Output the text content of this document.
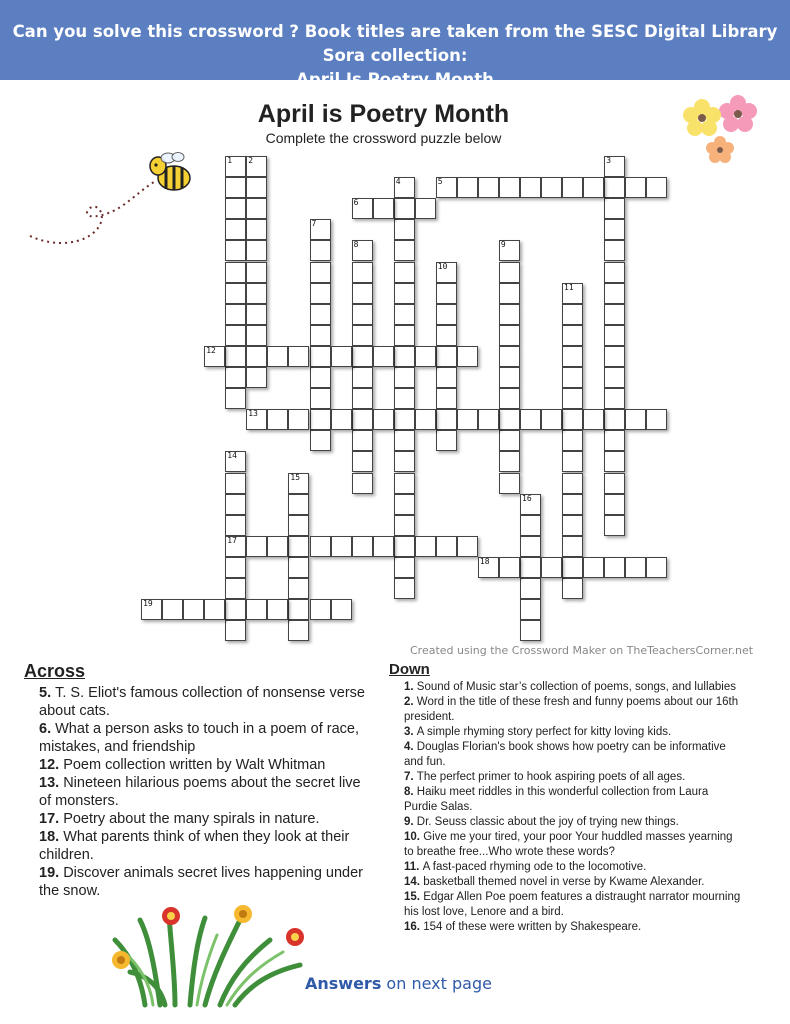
Can you solve this crossword ? Book titles are taken from the SESC Digital Library Sora collection:
April Is Poetry Month
April is Poetry Month
Complete the crossword puzzle below
1 2	3
4	5
6
7
8	9
10
11
12
13
14
17
15
16
18
19
Created using the Crossword Maker on TheTeachersCorner.net
Across
5. T. S. Eliot's famous collection of nonsense verse about cats.
6. What a person asks to touch in a poem of race, mistakes, and friendship
12. Poem collection written by Walt Whitman
13. Nineteen hilarious poems about the secret live of monsters.
17. Poetry about the many spirals in nature.
18. What parents think of when they look at their children.
19. Discover animals secret lives happening under the snow.
Down
1. Sound of Music star’s collection of poems, songs, and lullabies
2. Word in the title of these fresh and funny poems about our 16th president.
3. A simple rhyming story perfect for kitty loving kids.
4. Douglas Florian's book shows how poetry can be informative and fun.
7. The perfect primer to hook aspiring poets of all ages.
8. Haiku meet riddles in this wonderful collection from Laura Purdie Salas.
9. Dr. Seuss classic about the joy of trying new things.
10. Give me your tired, your poor Your huddled masses yearning to breathe free...Who wrote these words?
11. A fast-paced rhyming ode to the locomotive.
14. basketball themed novel in verse by Kwame Alexander.
15. Edgar Allen Poe poem features a distraught narrator mourning his lost love, Lenore and a bird.
16. 154 of these were written by Shakespeare.
Answers on next page
